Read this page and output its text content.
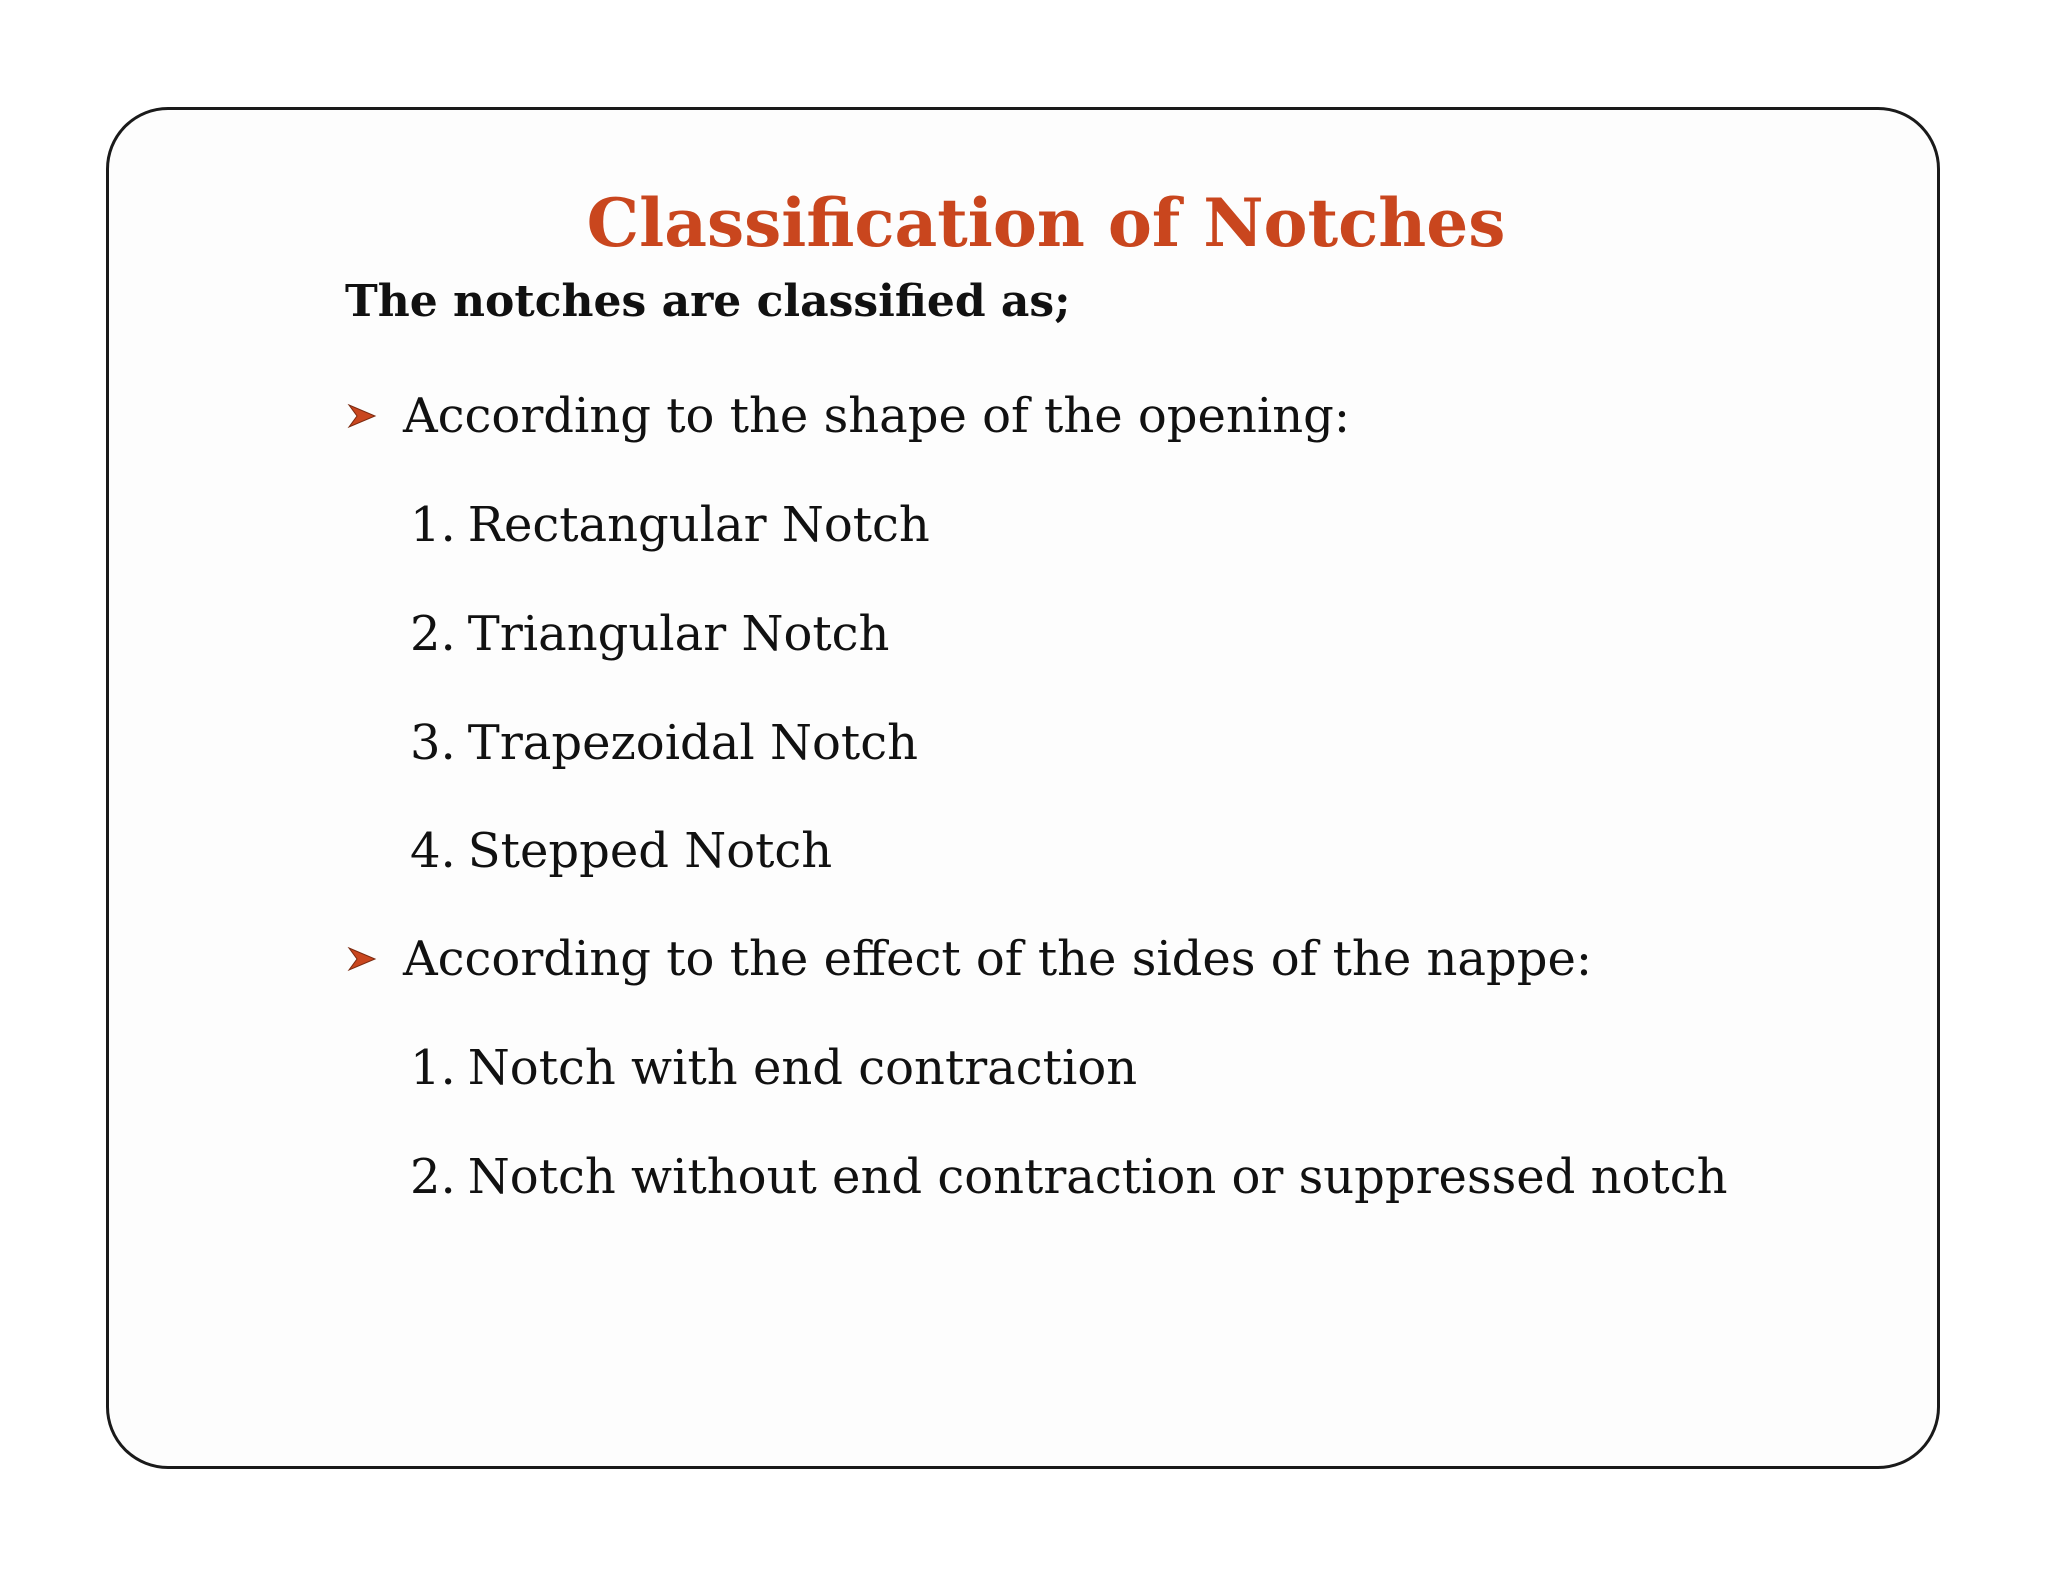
Classification of Notches
The notches are classified as;
According to the shape of the opening:
1. Rectangular Notch
2. Triangular Notch
3. Trapezoidal Notch
4. Stepped Notch
According to the effect of the sides of the nappe:
1. Notch with end contraction
2. Notch without end contraction or suppressed notch
